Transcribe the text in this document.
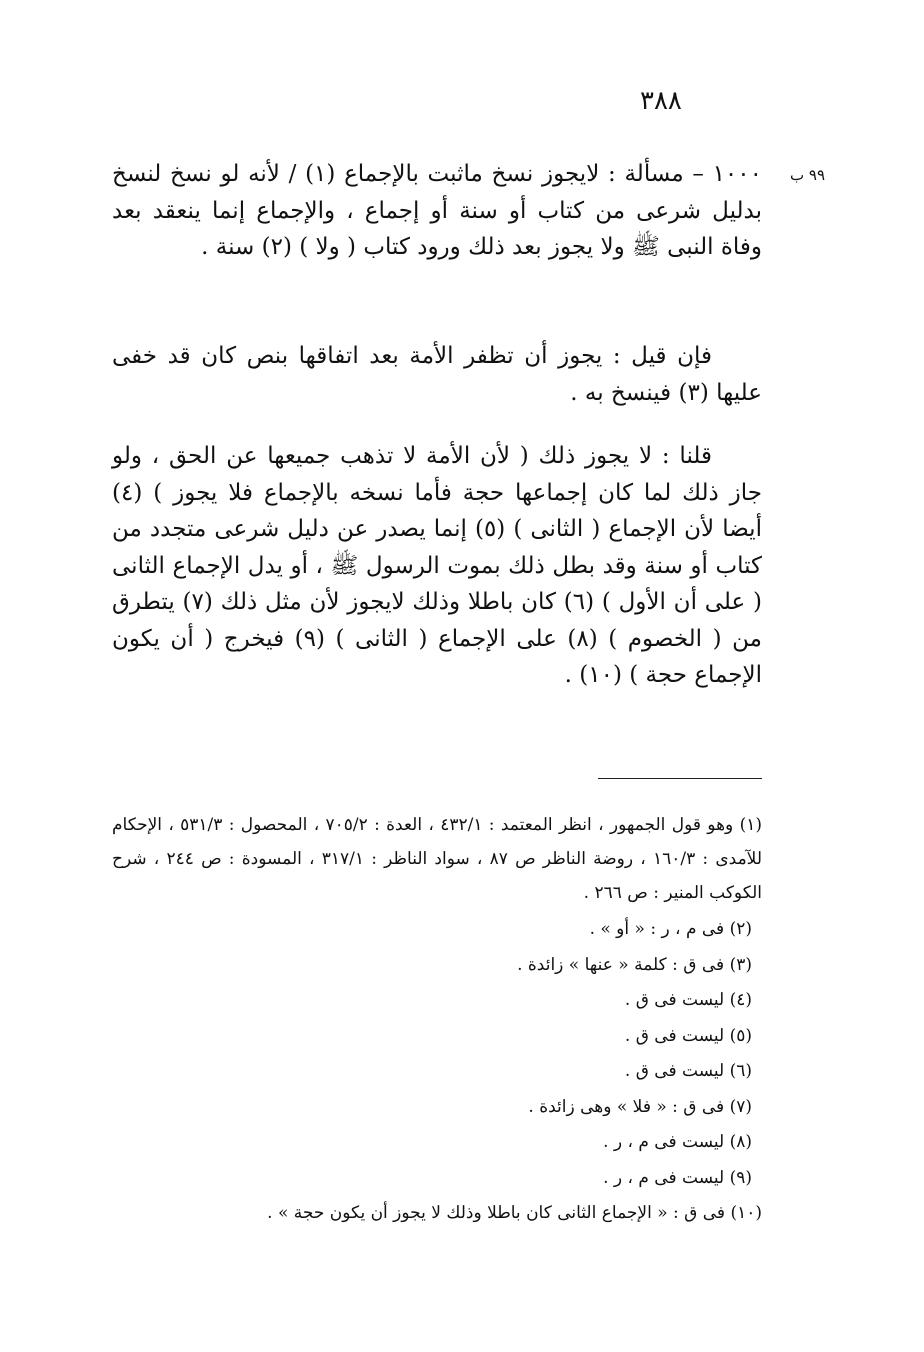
٣٨٨
٩٩ ب

١٠٠٠ – مسألة : لايجوز نسخ ماثبت بالإجماع (١) / لأنه لو نسخ لنسخ بدليل شرعى من كتاب أو سنة أو إجماع ، والإجماع إنما ينعقد بعد وفاة النبى ﷺ ولا يجوز بعد ذلك ورود كتاب ( ولا ) (٢) سنة .

فإن قيل : يجوز أن تظفر الأمة بعد اتفاقها بنص كان قد خفى عليها (٣) فينسخ به .

قلنا : لا يجوز ذلك ( لأن الأمة لا تذهب جميعها عن الحق ، ولو جاز ذلك لما كان إجماعها حجة فأما نسخه بالإجماع فلا يجوز ) (٤) أيضا لأن الإجماع ( الثانى ) (٥) إنما يصدر عن دليل شرعى متجدد من كتاب أو سنة وقد بطل ذلك بموت الرسول ﷺ ، أو يدل الإجماع الثانى ( على أن الأول ) (٦) كان باطلا وذلك لايجوز لأن مثل ذلك (٧) يتطرق من ( الخصوم ) (٨) على الإجماع ( الثانى ) (٩) فيخرج ( أن يكون الإجماع حجة ) (١٠) .

(١) وهو قول الجمهور ، انظر المعتمد : ٤٣٢/١ ، العدة : ٧٠٥/٢ ، المحصول : ٥٣١/٣ ، الإحكام للآمدى : ١٦٠/٣ ، روضة الناظر ص ٨٧ ، سواد الناظر : ٣١٧/١ ، المسودة : ص ٢٤٤ ، شرح الكوكب المنير : ص ٢٦٦ .
(٢) فى م ، ر : « أو » .
(٣) فى ق : كلمة « عنها » زائدة .
(٤) ليست فى ق .
(٥) ليست فى ق .
(٦) ليست فى ق .
(٧) فى ق : « فلا » وهى زائدة .
(٨) ليست فى م ، ر .
(٩) ليست فى م ، ر .
(١٠) فى ق : « الإجماع الثانى كان باطلا وذلك لا يجوز أن يكون حجة » .
